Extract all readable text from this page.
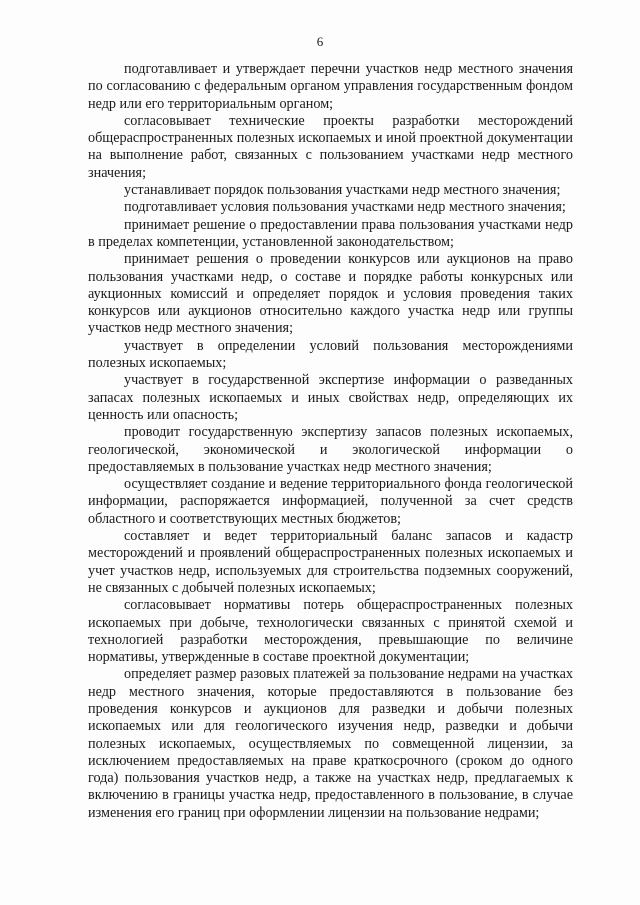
6

подготавливает и утверждает перечни участков недр местного значения по согласованию с федеральным органом управления государственным фондом недр или его территориальным органом;

согласовывает технические проекты разработки месторождений общераспространенных полезных ископаемых и иной проектной документации на выполнение работ, связанных с пользованием участками недр местного значения;

устанавливает порядок пользования участками недр местного значения;

подготавливает условия пользования участками недр местного значения;

принимает решение о предоставлении права пользования участками недр в пределах компетенции, установленной законодательством;

принимает решения о проведении конкурсов или аукционов на право пользования участками недр, о составе и порядке работы конкурсных или аукционных комиссий и определяет порядок и условия проведения таких конкурсов или аукционов относительно каждого участка недр или группы участков недр местного значения;

участвует в определении условий пользования месторождениями полезных ископаемых;

участвует в государственной экспертизе информации о разведанных запасах полезных ископаемых и иных свойствах недр, определяющих их ценность или опасность;

проводит государственную экспертизу запасов полезных ископаемых, геологической, экономической и экологической информации о предоставляемых в пользование участках недр местного значения;

осуществляет создание и ведение территориального фонда геологической информации, распоряжается информацией, полученной за счет средств областного и соответствующих местных бюджетов;

составляет и ведет территориальный баланс запасов и кадастр месторождений и проявлений общераспространенных полезных ископаемых и учет участков недр, используемых для строительства подземных сооружений, не связанных с добычей полезных ископаемых;

согласовывает нормативы потерь общераспространенных полезных ископаемых при добыче, технологически связанных с принятой схемой и технологией разработки месторождения, превышающие по величине нормативы, утвержденные в составе проектной документации;

определяет размер разовых платежей за пользование недрами на участках недр местного значения, которые предоставляются в пользование без проведения конкурсов и аукционов для разведки и добычи полезных ископаемых или для геологического изучения недр, разведки и добычи полезных ископаемых, осуществляемых по совмещенной лицензии, за исключением предоставляемых на праве краткосрочного (сроком до одного года) пользования участков недр, а также на участках недр, предлагаемых к включению в границы участка недр, предоставленного в пользование, в случае изменения его границ при оформлении лицензии на пользование недрами;
